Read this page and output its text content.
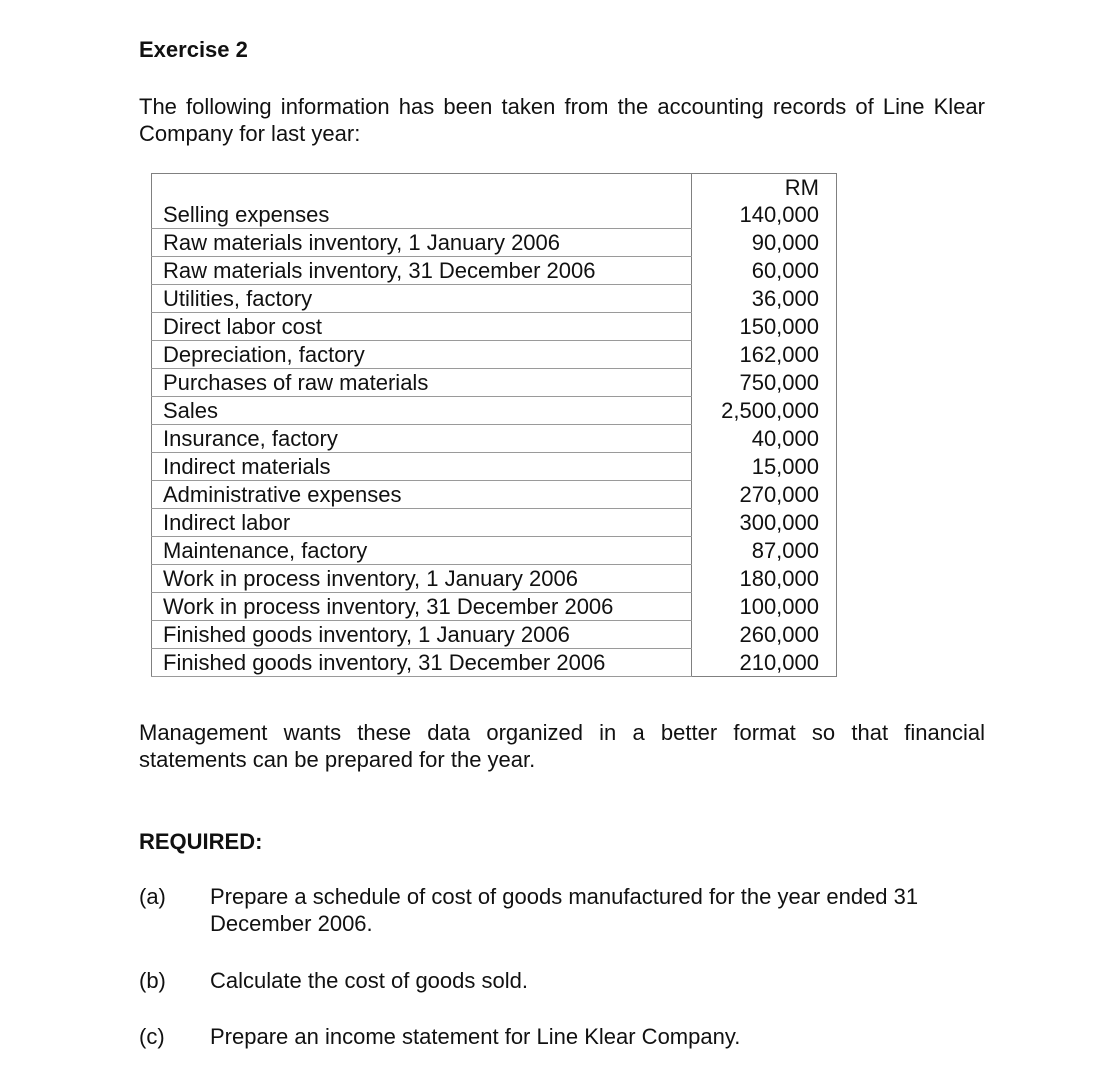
Exercise 2
The following information has been taken from the accounting records of Line Klear Company for last year:
	RM
Selling expenses	140,000
Raw materials inventory, 1 January 2006	90,000
Raw materials inventory, 31 December 2006	60,000
Utilities, factory	36,000
Direct labor cost	150,000
Depreciation, factory	162,000
Purchases of raw materials	750,000
Sales	2,500,000
Insurance, factory	40,000
Indirect materials	15,000
Administrative expenses	270,000
Indirect labor	300,000
Maintenance, factory	87,000
Work in process inventory, 1 January 2006	180,000
Work in process inventory, 31 December 2006	100,000
Finished goods inventory, 1 January 2006	260,000
Finished goods inventory, 31 December 2006	210,000
Management wants these data organized in a better format so that financial statements can be prepared for the year.
REQUIRED:
(a) Prepare a schedule of cost of goods manufactured for the year ended 31 December 2006.
(b) Calculate the cost of goods sold.
(c) Prepare an income statement for Line Klear Company.
